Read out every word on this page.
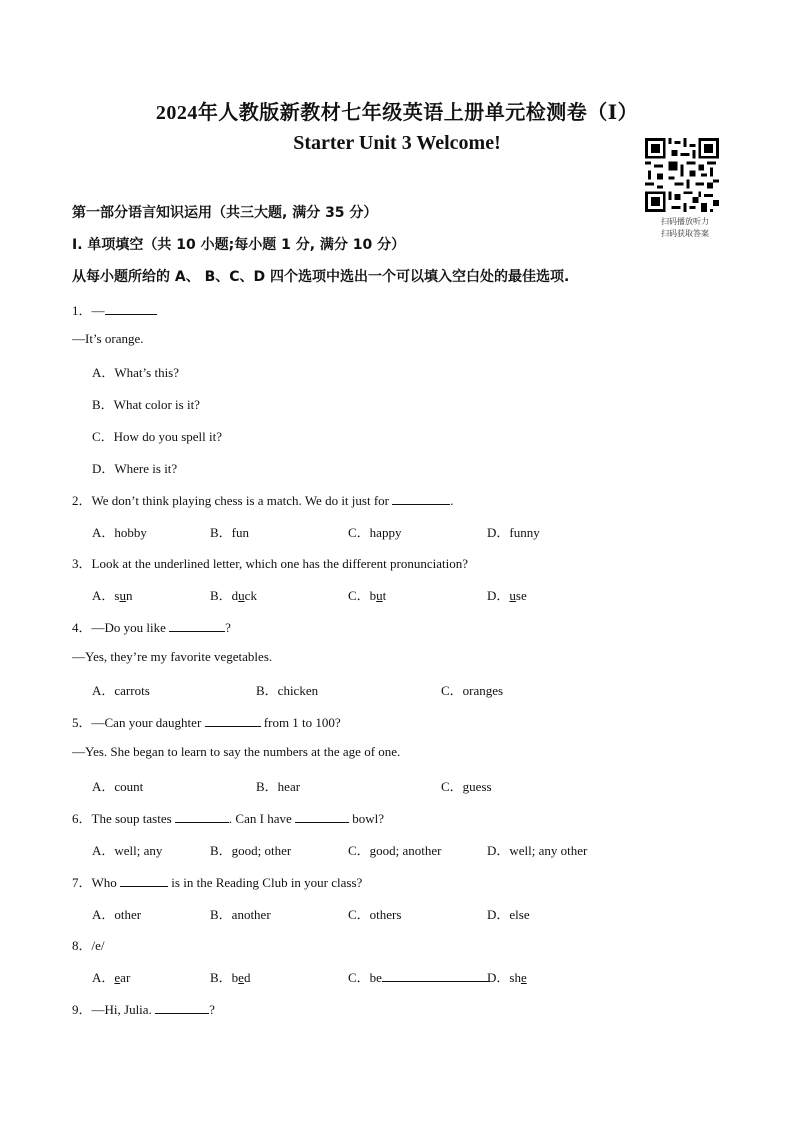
2024年人教版新教材七年级英语上册单元检测卷（Ⅰ）
Starter Unit 3 Welcome!
扫码播放听力
扫码获取答案
第一部分语言知识运用（共三大题, 满分 35 分）
I. 单项填空（共 10 小题;每小题 1 分, 满分 10 分）
从每小题所给的 A、 B、C、D 四个选项中选出一个可以填入空白处的最佳选项.
1．—
—It’s orange.
A．What’s this?
B．What color is it?
C．How do you spell it?
D．Where is it?
2．We don’t think playing chess is a match. We do it just for	.
A．hobby	B．fun	C．happy	D．funny
3．Look at the underlined letter, which one has the different pronunciation?
A．sun	B．duck	C．but	D．use
4．—Do you like	?
—Yes, they’re my favorite vegetables.
A．carrots	B．chicken	C．oranges
5．—Can your daughter	from 1 to 100?
—Yes. She began to learn to say the numbers at the age of one.
A．count	B．hear	C．guess
6．The soup tastes	. Can I have	bowl?
A．well; any	B．good; other	C．good; another	D．well; any other
7．Who	is in the Reading Club in your class?
A．other	B．another	C．others	D．else
8．/e/
A．ear	B．bed	C．be	D．she
9．—Hi, Julia.	?
